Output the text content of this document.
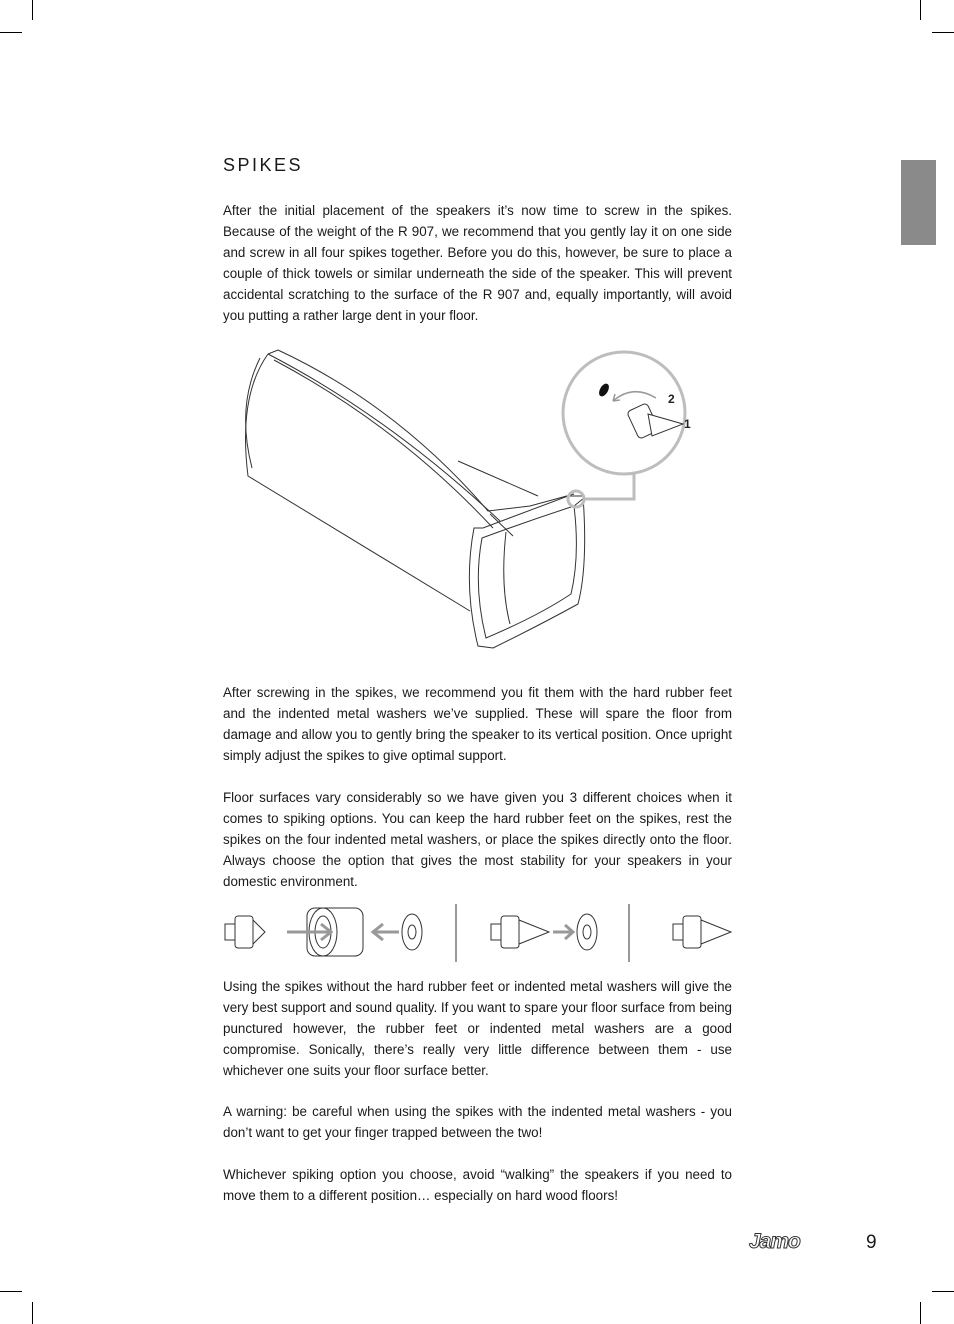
SPIKES

After the initial placement of the speakers it’s now time to screw in the spikes. Because of the weight of the R 907, we recommend that you gently lay it on one side and screw in all four spikes together. Before you do this, however, be sure to place a couple of thick towels or similar underneath the side of the speaker. This will prevent accidental scratching to the surface of the R 907 and, equally importantly, will avoid you putting a rather large dent in your floor.

2
1

After screwing in the spikes, we recommend you fit them with the hard rubber feet and the indented metal washers we’ve supplied. These will spare the floor from damage and allow you to gently bring the speaker to its vertical position. Once upright simply adjust the spikes to give optimal support.

Floor surfaces vary considerably so we have given you 3 different choices when it comes to spiking options. You can keep the hard rubber feet on the spikes, rest the spikes on the four indented metal washers, or place the spikes directly onto the floor. Always choose the option that gives the most stability for your speakers in your domestic environment.

Using the spikes without the hard rubber feet or indented metal washers will give the very best support and sound quality. If you want to spare your floor surface from being punctured however, the rubber feet or indented metal washers are a good compromise. Sonically, there’s really very little difference between them - use whichever one suits your floor surface better.

A warning: be careful when using the spikes with the indented metal washers - you don’t want to get your finger trapped between the two!

Whichever spiking option you choose, avoid “walking” the speakers if you need to move them to a different position… especially on hard wood floors!

Jamo	9
